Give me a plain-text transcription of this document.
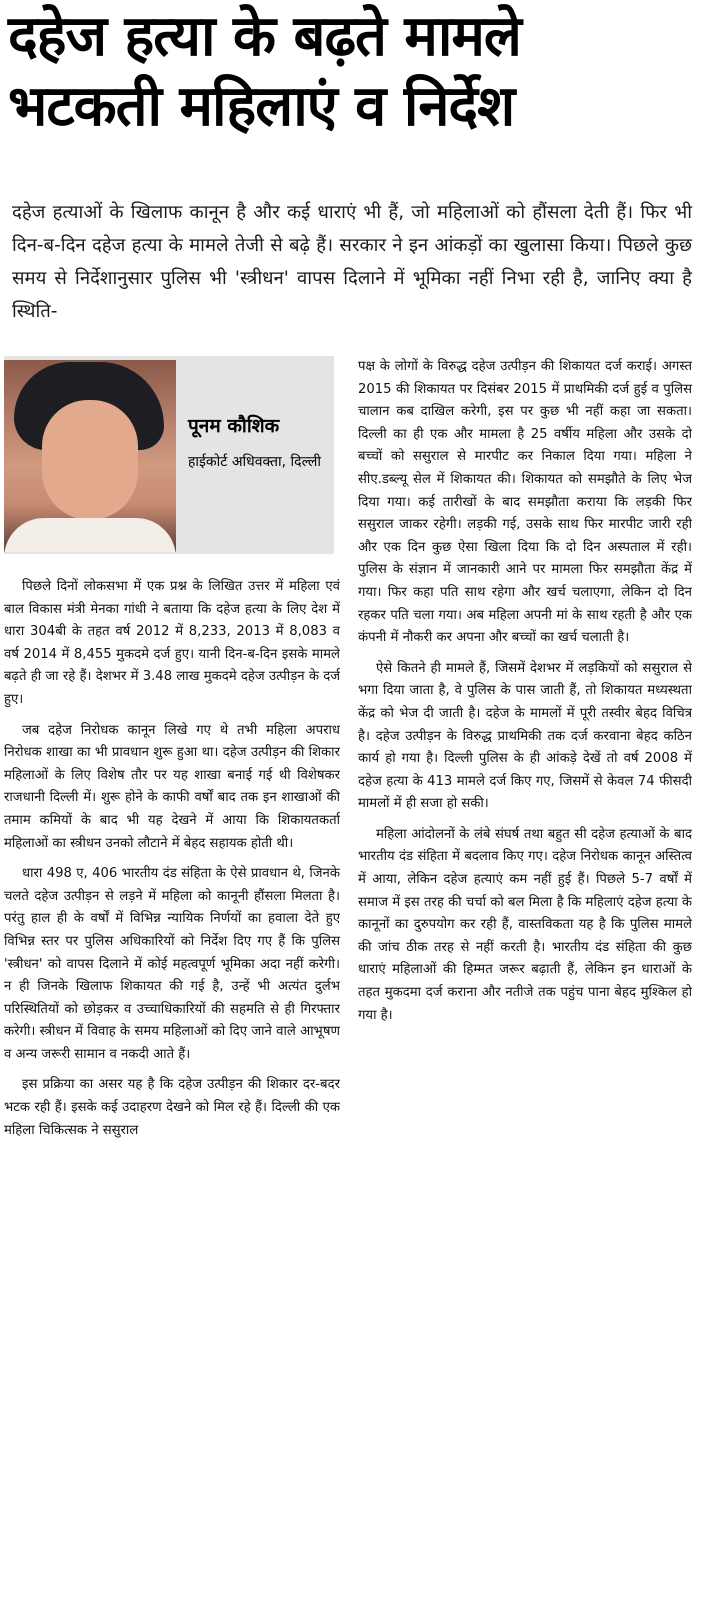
दहेज हत्या के बढ़ते मामले
भटकती महिलाएं व निर्देश

दहेज हत्याओं के खिलाफ कानून है और कई धाराएं भी हैं, जो महिलाओं को हौंसला देती हैं। फिर भी दिन-ब-दिन दहेज हत्या के मामले तेजी से बढ़े हैं। सरकार ने इन आंकड़ों का खुलासा किया। पिछले कुछ समय से निर्देशानुसार पुलिस भी 'स्त्रीधन' वापस दिलाने में भूमिका नहीं निभा रही है, जानिए क्या है स्थिति-

पूनम कौशिक
हाईकोर्ट अधिवक्ता, दिल्ली

पिछले दिनों लोकसभा में एक प्रश्न के लिखित उत्तर में महिला एवं बाल विकास मंत्री मेनका गांधी ने बताया कि दहेज हत्या के लिए देश में धारा 304बी के तहत वर्ष 2012 में 8,233, 2013 में 8,083 व वर्ष 2014 में 8,455 मुकदमे दर्ज हुए। यानी दिन-ब-दिन इसके मामले बढ़ते ही जा रहे हैं। देशभर में 3.48 लाख मुकदमे दहेज उत्पीड़न के दर्ज हुए।

जब दहेज निरोधक कानून लिखे गए थे तभी महिला अपराध निरोधक शाखा का भी प्रावधान शुरू हुआ था। दहेज उत्पीड़न की शिकार महिलाओं के लिए विशेष तौर पर यह शाखा बनाई गई थी विशेषकर राजधानी दिल्ली में। शुरू होने के काफी वर्षों बाद तक इन शाखाओं की तमाम कमियों के बाद भी यह देखने में आया कि शिकायतकर्ता महिलाओं का स्त्रीधन उनको लौटाने में बेहद सहायक होती थी।

धारा 498 ए, 406 भारतीय दंड संहिता के ऐसे प्रावधान थे, जिनके चलते दहेज उत्पीड़न से लड़ने में महिला को कानूनी हौंसला मिलता है। परंतु हाल ही के वर्षों में विभिन्न न्यायिक निर्णयों का हवाला देते हुए विभिन्न स्तर पर पुलिस अधिकारियों को निर्देश दिए गए हैं कि पुलिस 'स्त्रीधन' को वापस दिलाने में कोई महत्वपूर्ण भूमिका अदा नहीं करेगी। न ही जिनके खिलाफ शिकायत की गई है, उन्हें भी अत्यंत दुर्लभ परिस्थितियों को छोड़कर व उच्चाधिकारियों की सहमति से ही गिरफ्तार करेगी। स्त्रीधन में विवाह के समय महिलाओं को दिए जाने वाले आभूषण व अन्य जरूरी सामान व नकदी आते हैं।

इस प्रक्रिया का असर यह है कि दहेज उत्पीड़न की शिकार दर-बदर भटक रही हैं। इसके कई उदाहरण देखने को मिल रहे हैं। दिल्ली की एक महिला चिकित्सक ने ससुराल

पक्ष के लोगों के विरुद्ध दहेज उत्पीड़न की शिकायत दर्ज कराई। अगस्त 2015 की शिकायत पर दिसंबर 2015 में प्राथमिकी दर्ज हुई व पुलिस चालान कब दाखिल करेगी, इस पर कुछ भी नहीं कहा जा सकता। दिल्ली का ही एक और मामला है 25 वर्षीय महिला और उसके दो बच्चों को ससुराल से मारपीट कर निकाल दिया गया। महिला ने सीए.डब्ल्यू सेल में शिकायत की। शिकायत को समझौते के लिए भेज दिया गया। कई तारीखों के बाद समझौता कराया कि लड़की फिर ससुराल जाकर रहेगी। लड़की गई, उसके साथ फिर मारपीट जारी रही और एक दिन कुछ ऐसा खिला दिया कि दो दिन अस्पताल में रही। पुलिस के संज्ञान में जानकारी आने पर मामला फिर समझौता केंद्र में गया। फिर कहा पति साथ रहेगा और खर्च चलाएगा, लेकिन दो दिन रहकर पति चला गया। अब महिला अपनी मां के साथ रहती है और एक कंपनी में नौकरी कर अपना और बच्चों का खर्च चलाती है।

ऐसे कितने ही मामले हैं, जिसमें देशभर में लड़कियों को ससुराल से भगा दिया जाता है, वे पुलिस के पास जाती हैं, तो शिकायत मध्यस्थता केंद्र को भेज दी जाती है। दहेज के मामलों में पूरी तस्वीर बेहद विचित्र है। दहेज उत्पीड़न के विरुद्ध प्राथमिकी तक दर्ज करवाना बेहद कठिन कार्य हो गया है। दिल्ली पुलिस के ही आंकड़े देखें तो वर्ष 2008 में दहेज हत्या के 413 मामले दर्ज किए गए, जिसमें से केवल 74 फीसदी मामलों में ही सजा हो सकी।

महिला आंदोलनों के लंबे संघर्ष तथा बहुत सी दहेज हत्याओं के बाद भारतीय दंड संहिता में बदलाव किए गए। दहेज निरोधक कानून अस्तित्व में आया, लेकिन दहेज हत्याएं कम नहीं हुई हैं। पिछले 5-7 वर्षों में समाज में इस तरह की चर्चा को बल मिला है कि महिलाएं दहेज हत्या के कानूनों का दुरुपयोग कर रही हैं, वास्तविकता यह है कि पुलिस मामले की जांच ठीक तरह से नहीं करती है। भारतीय दंड संहिता की कुछ धाराएं महिलाओं की हिम्मत जरूर बढ़ाती हैं, लेकिन इन धाराओं के तहत मुकदमा दर्ज कराना और नतीजे तक पहुंच पाना बेहद मुश्किल हो गया है।
